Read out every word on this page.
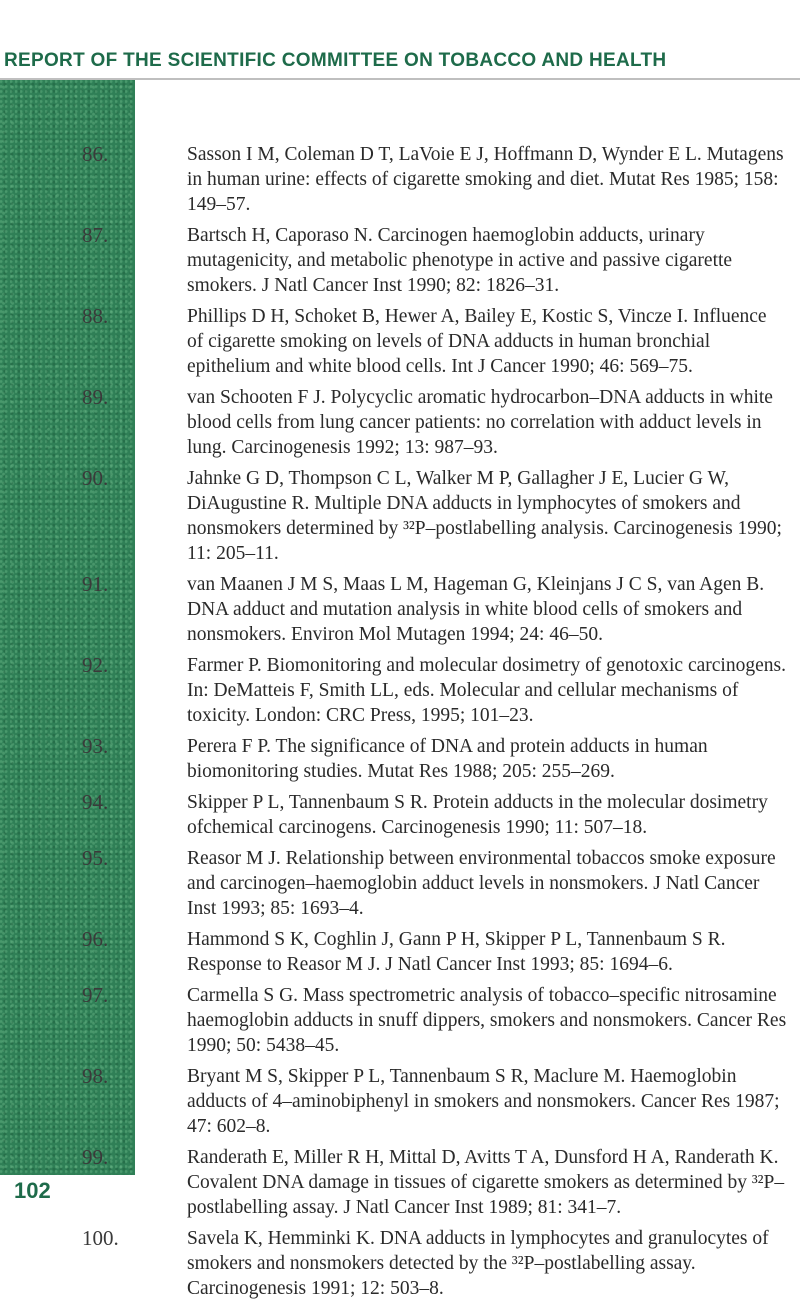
REPORT OF THE SCIENTIFIC COMMITTEE ON TOBACCO AND HEALTH
102
86.	Sasson I M, Coleman D T, LaVoie E J, Hoffmann D, Wynder E L. Mutagens in human urine: effects of cigarette smoking and diet. Mutat Res 1985; 158: 149–57.

87.	Bartsch H, Caporaso N. Carcinogen haemoglobin adducts, urinary mutagenicity, and metabolic phenotype in active and passive cigarette smokers. J Natl Cancer Inst 1990; 82: 1826–31.

88.	Phillips D H, Schoket B, Hewer A, Bailey E, Kostic S, Vincze I. Influence of cigarette smoking on levels of DNA adducts in human bronchial epithelium and white blood cells. Int J Cancer 1990; 46: 569–75.

89.	van Schooten F J. Polycyclic aromatic hydrocarbon–DNA adducts in white blood cells from lung cancer patients: no correlation with adduct levels in lung. Carcinogenesis 1992; 13: 987–93.

90.	Jahnke G D, Thompson C L, Walker M P, Gallagher J E, Lucier G W, DiAugustine R. Multiple DNA adducts in lymphocytes of smokers and nonsmokers determined by ³²P–postlabelling analysis. Carcinogenesis 1990; 11: 205–11.

91.	van Maanen J M S, Maas L M, Hageman G, Kleinjans J C S, van Agen B. DNA adduct and mutation analysis in white blood cells of smokers and nonsmokers. Environ Mol Mutagen 1994; 24: 46–50.

92.	Farmer P. Biomonitoring and molecular dosimetry of genotoxic carcinogens. In: DeMatteis F, Smith LL, eds. Molecular and cellular mechanisms of toxicity. London: CRC Press, 1995; 101–23.

93.	Perera F P. The significance of DNA and protein adducts in human biomonitoring studies. Mutat Res 1988; 205: 255–269.

94.	Skipper P L, Tannenbaum S R. Protein adducts in the molecular dosimetry ofchemical carcinogens. Carcinogenesis 1990; 11: 507–18.

95.	Reasor M J. Relationship between environmental tobaccos smoke exposure and carcinogen–haemoglobin adduct levels in nonsmokers. J Natl Cancer Inst 1993; 85: 1693–4.

96.	Hammond S K, Coghlin J, Gann P H, Skipper P L, Tannenbaum S R. Response to Reasor M J. J Natl Cancer Inst 1993; 85: 1694–6.

97.	Carmella S G. Mass spectrometric analysis of tobacco–specific nitrosamine haemoglobin adducts in snuff dippers, smokers and nonsmokers. Cancer Res 1990; 50: 5438–45.

98.	Bryant M S, Skipper P L, Tannenbaum S R, Maclure M. Haemoglobin adducts of 4–aminobiphenyl in smokers and nonsmokers. Cancer Res 1987; 47: 602–8.

99.	Randerath E, Miller R H, Mittal D, Avitts T A, Dunsford H A, Randerath K. Covalent DNA damage in tissues of cigarette smokers as determined by ³²P–postlabelling assay. J Natl Cancer Inst 1989; 81: 341–7.

100.	Savela K, Hemminki K. DNA adducts in lymphocytes and granulocytes of smokers and nonsmokers detected by the ³²P–postlabelling assay. Carcinogenesis 1991; 12: 503–8.
